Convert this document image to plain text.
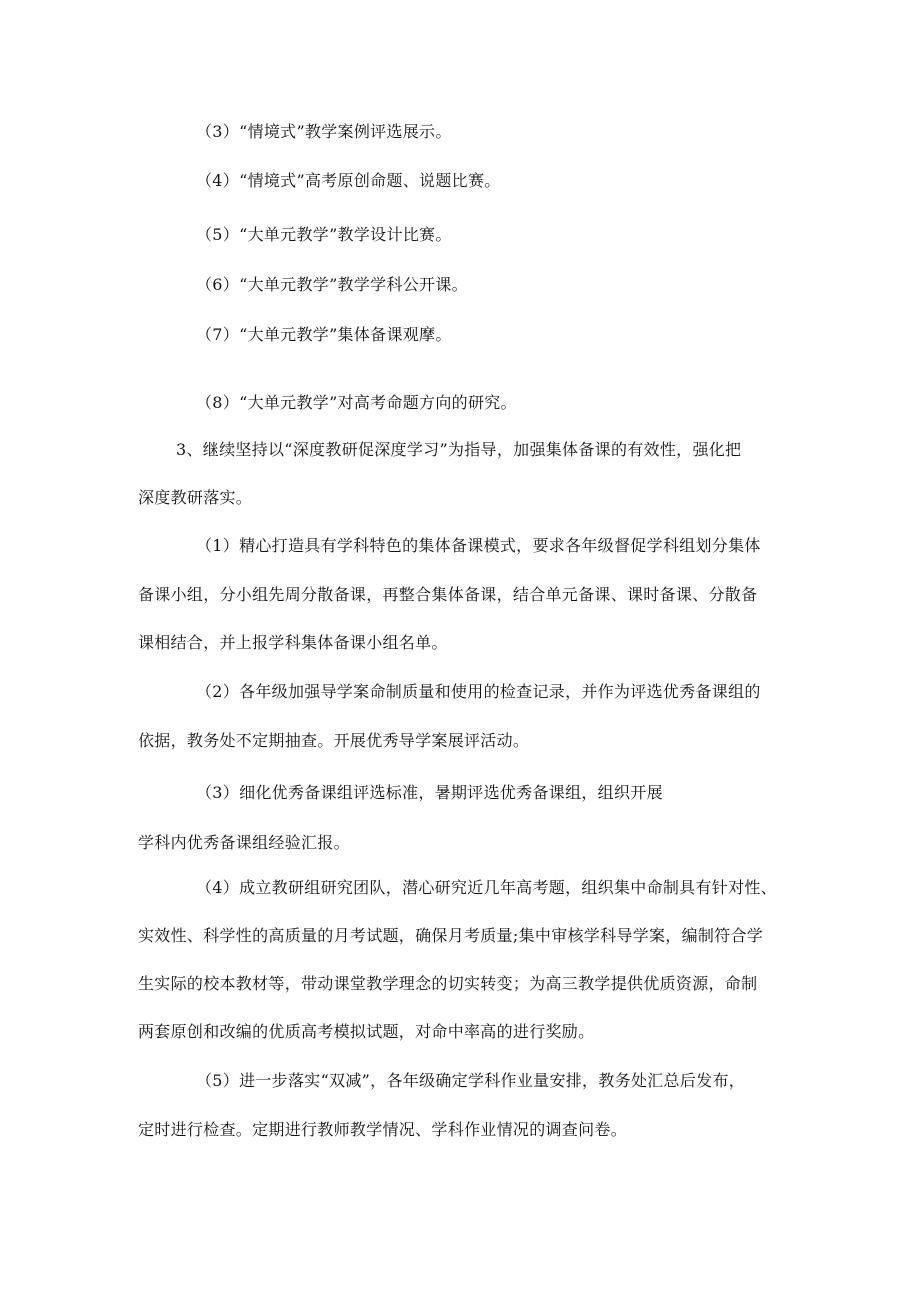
（3）“情境式”教学案例评选展示。
（4）“情境式”高考原创命题、说题比赛。
（5）“大单元教学”教学设计比赛。
（6）“大单元教学”教学学科公开课。
（7）“大单元教学”集体备课观摩。
（8）“大单元教学”对高考命题方向的研究。
3、继续坚持以“深度教研促深度学习”为指导，加强集体备课的有效性，强化把
深度教研落实。
（1）精心打造具有学科特色的集体备课模式，要求各年级督促学科组划分集体
备课小组，分小组先周分散备课，再整合集体备课，结合单元备课、课时备课、分散备
课相结合，并上报学科集体备课小组名单。
（2）各年级加强导学案命制质量和使用的检查记录，并作为评选优秀备课组的
依据，教务处不定期抽查。开展优秀导学案展评活动。
（3）细化优秀备课组评选标准，暑期评选优秀备课组，组织开展
学科内优秀备课组经验汇报。
（4）成立教研组研究团队，潜心研究近几年高考题，组织集中命制具有针对性、
实效性、科学性的高质量的月考试题，确保月考质量;集中审核学科导学案，编制符合学
生实际的校本教材等，带动课堂教学理念的切实转变；为高三教学提供优质资源，命制
两套原创和改编的优质高考模拟试题，对命中率高的进行奖励。
（5）进一步落实“双减”，各年级确定学科作业量安排，教务处汇总后发布，
定时进行检查。定期进行教师教学情况、学科作业情况的调查问卷。
